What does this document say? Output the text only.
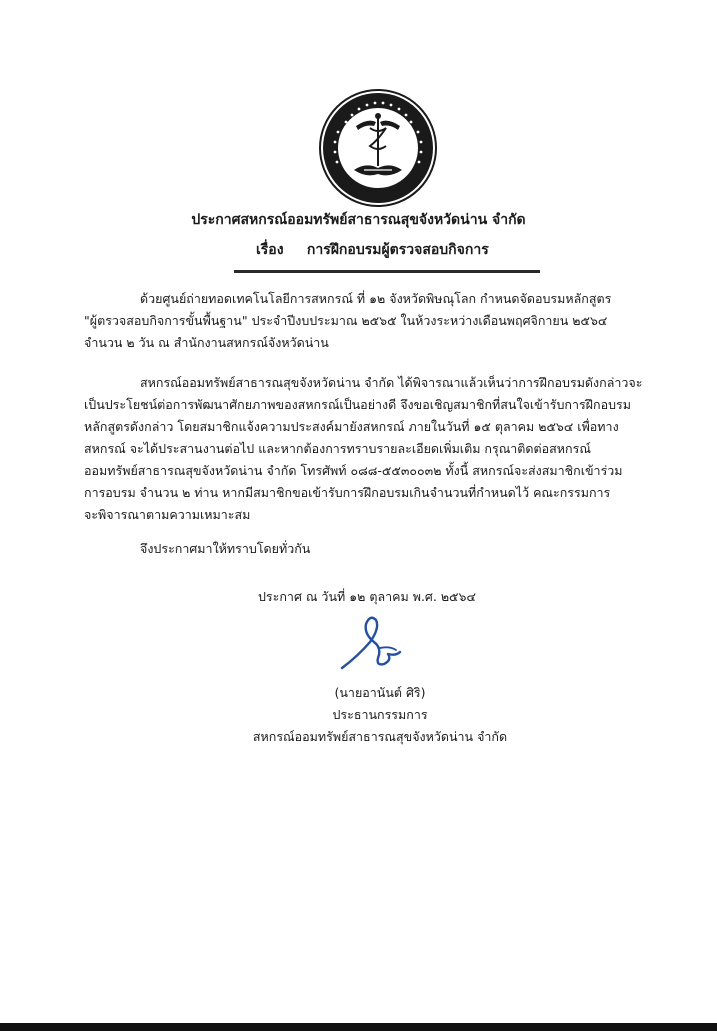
ประกาศสหกรณ์ออมทรัพย์สาธารณสุขจังหวัดน่าน จำกัด
เรื่อง การฝึกอบรมผู้ตรวจสอบกิจการ
ด้วยศูนย์ถ่ายทอดเทคโนโลยีการสหกรณ์ ที่ ๑๒ จังหวัดพิษณุโลก กำหนดจัดอบรมหลักสูตร
"ผู้ตรวจสอบกิจการขั้นพื้นฐาน" ประจำปีงบประมาณ ๒๕๖๕ ในห้วงระหว่างเดือนพฤศจิกายน ๒๕๖๔
จำนวน ๒ วัน ณ สำนักงานสหกรณ์จังหวัดน่าน
สหกรณ์ออมทรัพย์สาธารณสุขจังหวัดน่าน จำกัด ได้พิจารณาแล้วเห็นว่าการฝึกอบรมดังกล่าวจะ
เป็นประโยชน์ต่อการพัฒนาศักยภาพของสหกรณ์เป็นอย่างดี จึงขอเชิญสมาชิกที่สนใจเข้ารับการฝึกอบรม
หลักสูตรดังกล่าว โดยสมาชิกแจ้งความประสงค์มายังสหกรณ์ ภายในวันที่ ๑๕ ตุลาคม ๒๕๖๔ เพื่อทาง
สหกรณ์ จะได้ประสานงานต่อไป และหากต้องการทราบรายละเอียดเพิ่มเติม กรุณาติดต่อสหกรณ์
ออมทรัพย์สาธารณสุขจังหวัดน่าน จำกัด โทรศัพท์ ๐๘๘-๕๕๓๐๐๓๒ ทั้งนี้ สหกรณ์จะส่งสมาชิกเข้าร่วม
การอบรม จำนวน ๒ ท่าน หากมีสมาชิกขอเข้ารับการฝึกอบรมเกินจำนวนที่กำหนดไว้ คณะกรรมการ
จะพิจารณาตามความเหมาะสม
จึงประกาศมาให้ทราบโดยทั่วกัน
ประกาศ ณ วันที่ ๑๒ ตุลาคม พ.ศ. ๒๕๖๔
(นายอานันต์ ศิริ)
ประธานกรรมการ
สหกรณ์ออมทรัพย์สาธารณสุขจังหวัดน่าน จำกัด
